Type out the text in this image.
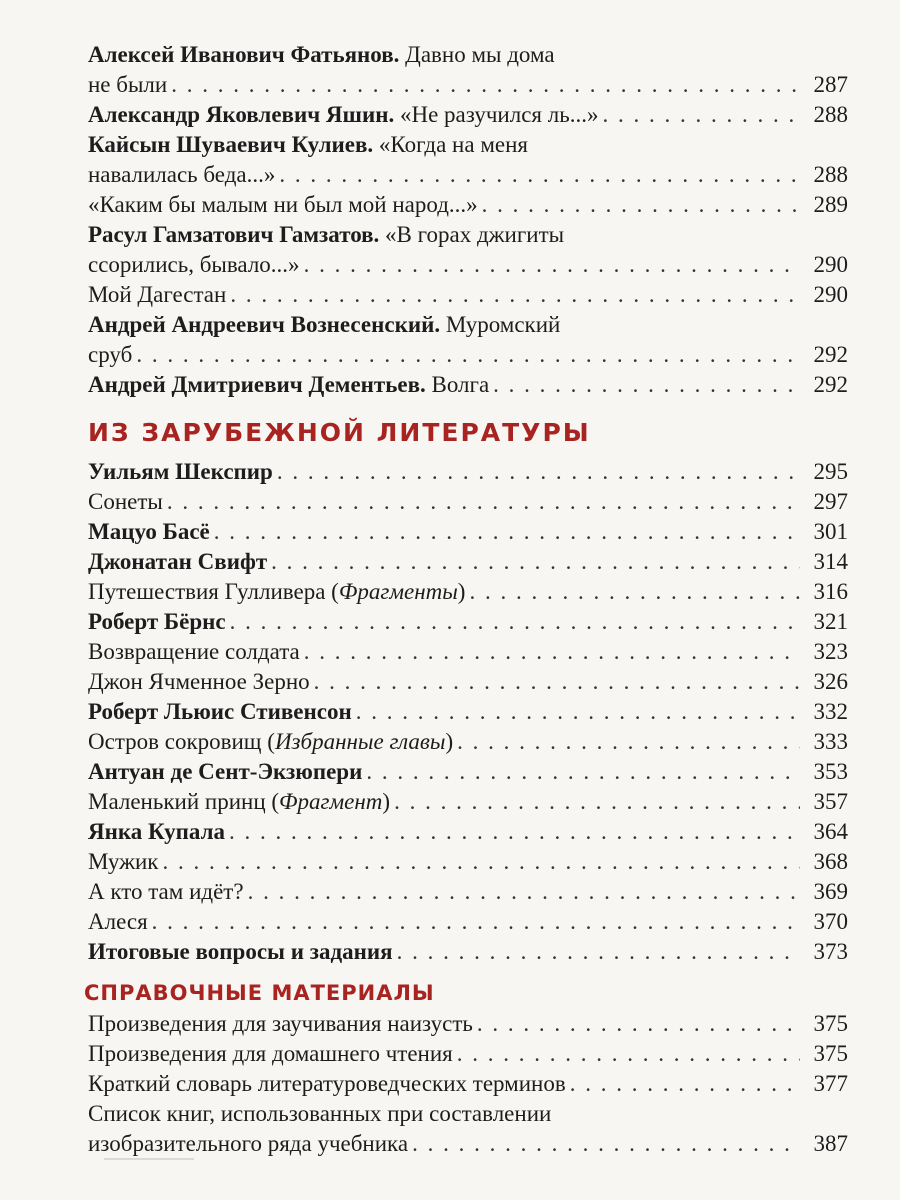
Алексей Иванович Фатьянов. Давно мы дома
не были . . .	287
Александр Яковлевич Яшин. «Не разучился ль...» . . .	288
Кайсын Шуваевич Кулиев. «Когда на меня
навалилась беда...» . . .	288
«Каким бы малым ни был мой народ...» . . .	289
Расул Гамзатович Гамзатов. «В горах джигиты
ссорились, бывало...» . . .	290
Мой Дагестан . . .	290
Андрей Андреевич Вознесенский. Муромский
сруб . . .	292
Андрей Дмитриевич Дементьев. Волга . . .	292
ИЗ ЗАРУБЕЖНОЙ ЛИТЕРАТУРЫ
Уильям Шекспир . . .	295
Сонеты . . .	297
Мацуо Басё . . .	301
Джонатан Свифт . . .	314
Путешествия Гулливера (Фрагменты) . . .	316
Роберт Бёрнс . . .	321
Возвращение солдата . . .	323
Джон Ячменное Зерно . . .	326
Роберт Льюис Стивенсон . . .	332
Остров сокровищ (Избранные главы) . . .	333
Антуан де Сент-Экзюпери . . .	353
Маленький принц (Фрагмент) . . .	357
Янка Купала . . .	364
Мужик . . .	368
А кто там идёт? . . .	369
Алеся . . .	370
Итоговые вопросы и задания . . .	373
СПРАВОЧНЫЕ МАТЕРИАЛЫ
Произведения для заучивания наизусть . . .	375
Произведения для домашнего чтения . . .	375
Краткий словарь литературоведческих терминов . . .	377
Список книг, использованных при составлении
изобразительного ряда учебника . . .	387
